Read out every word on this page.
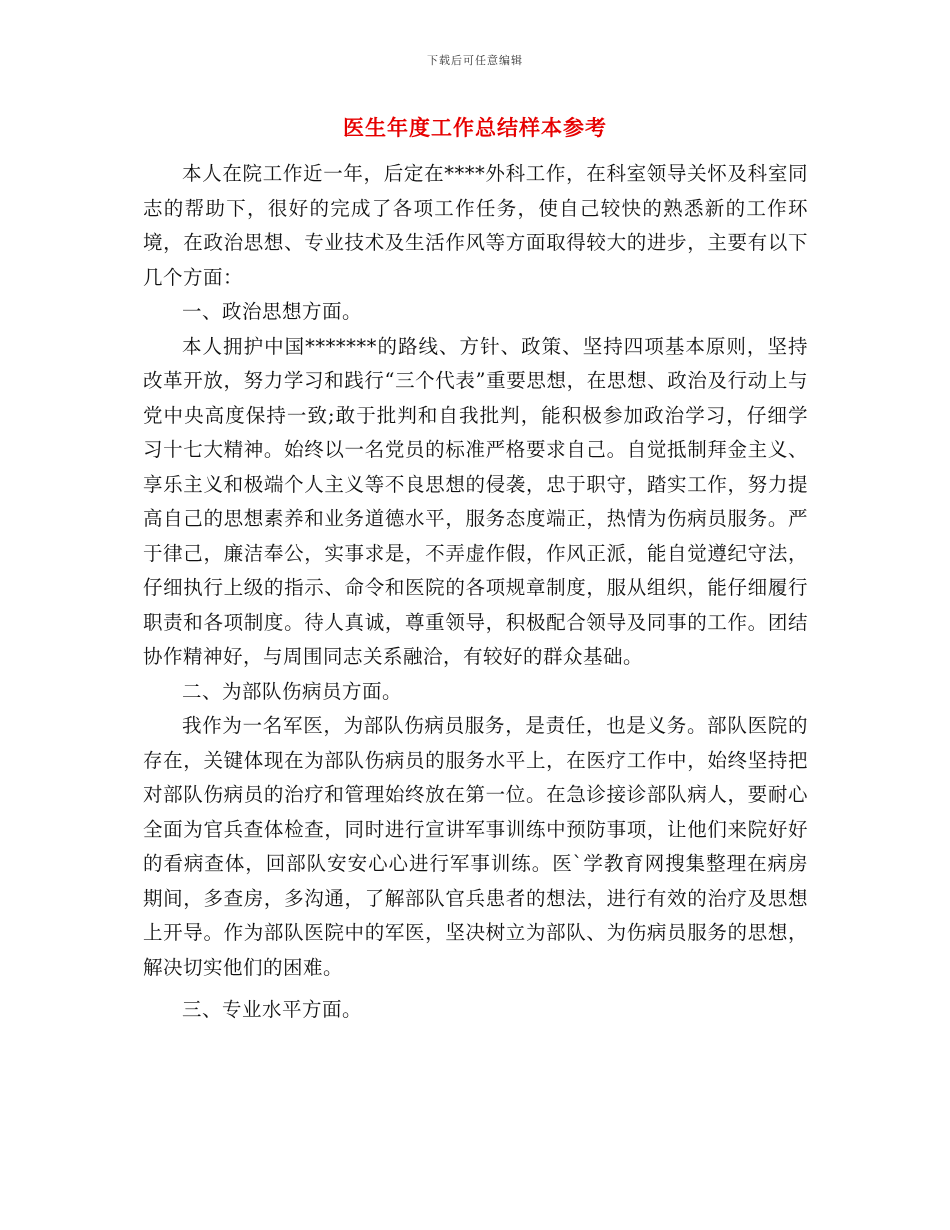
下载后可任意编辑
医生年度工作总结样本参考

本人在院工作近一年，后定在****外科工作，在科室领导关怀及科室同志的帮助下，很好的完成了各项工作任务，使自己较快的熟悉新的工作环境，在政治思想、专业技术及生活作风等方面取得较大的进步，主要有以下几个方面：

一、政治思想方面。

本人拥护中国*******的路线、方针、政策、坚持四项基本原则，坚持改革开放，努力学习和践行“三个代表”重要思想，在思想、政治及行动上与党中央高度保持一致;敢于批判和自我批判，能积极参加政治学习，仔细学习十七大精神。始终以一名党员的标准严格要求自己。自觉抵制拜金主义、享乐主义和极端个人主义等不良思想的侵袭，忠于职守，踏实工作，努力提高自己的思想素养和业务道德水平，服务态度端正，热情为伤病员服务。严于律己，廉洁奉公，实事求是，不弄虚作假，作风正派，能自觉遵纪守法，仔细执行上级的指示、命令和医院的各项规章制度，服从组织，能仔细履行职责和各项制度。待人真诚，尊重领导，积极配合领导及同事的工作。团结协作精神好，与周围同志关系融洽，有较好的群众基础。

二、为部队伤病员方面。

我作为一名军医，为部队伤病员服务，是责任，也是义务。部队医院的存在，关键体现在为部队伤病员的服务水平上，在医疗工作中，始终坚持把对部队伤病员的治疗和管理始终放在第一位。在急诊接诊部队病人，要耐心全面为官兵查体检查，同时进行宣讲军事训练中预防事项，让他们来院好好的看病查体，回部队安安心心进行军事训练。医`学教育网搜集整理在病房期间，多查房，多沟通，了解部队官兵患者的想法，进行有效的治疗及思想上开导。作为部队医院中的军医，坚决树立为部队、为伤病员服务的思想，解决切实他们的困难。

三、专业水平方面。
